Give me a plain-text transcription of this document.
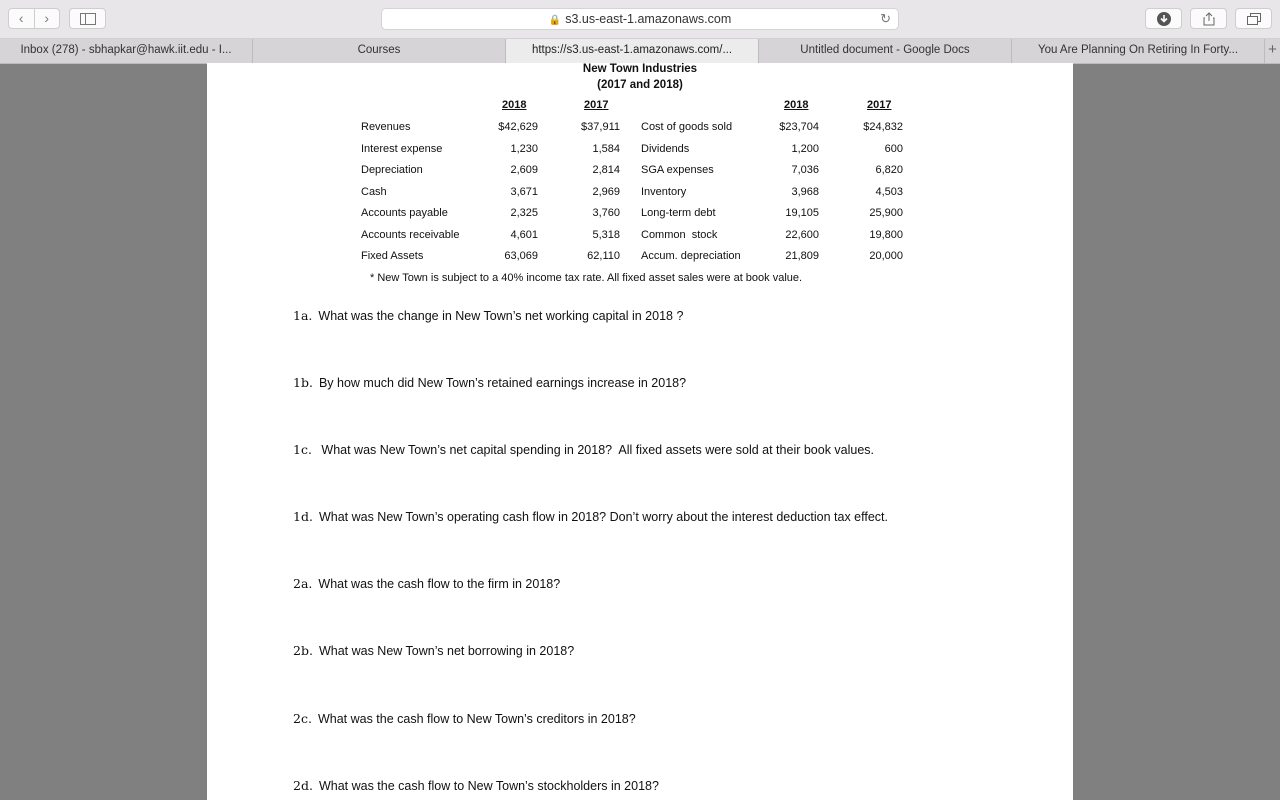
‹	›	🔒 s3.us-east-1.amazonaws.com	↻
Inbox (278) - sbhapkar@hawk.iit.edu - I...	Courses	https://s3.us-east-1.amazonaws.com/...	Untitled document - Google Docs	You Are Planning On Retiring In Forty...	+
New Town Industries
(2017 and 2018)
2018	2017	2018	2017
Revenues	$42,629	$37,911 Cost of goods sold	$23,704	$24,832
Interest expense	1,230	1,584 Dividends	1,200	600
Depreciation	2,609	2,814 SGA expenses	7,036	6,820
Cash	3,671	2,969 Inventory	3,968	4,503
Accounts payable	2,325	3,760 Long-term debt	19,105	25,900
Accounts receivable	4,601	5,318 Common  stock	22,600	19,800
Fixed Assets	63,069	62,110 Accum. depreciation	21,809	20,000
* New Town is subject to a 40% income tax rate. All fixed asset sales were at book value.
1a. What was the change in New Town’s net working capital in 2018 ?
1b. By how much did New Town’s retained earnings increase in 2018?
1c. What was New Town’s net capital spending in 2018?  All fixed assets were sold at their book values.
1d. What was New Town’s operating cash flow in 2018? Don’t worry about the interest deduction tax effect.
2a. What was the cash flow to the firm in 2018?
2b. What was New Town’s net borrowing in 2018?
2c. What was the cash flow to New Town’s creditors in 2018?
2d. What was the cash flow to New Town’s stockholders in 2018?
